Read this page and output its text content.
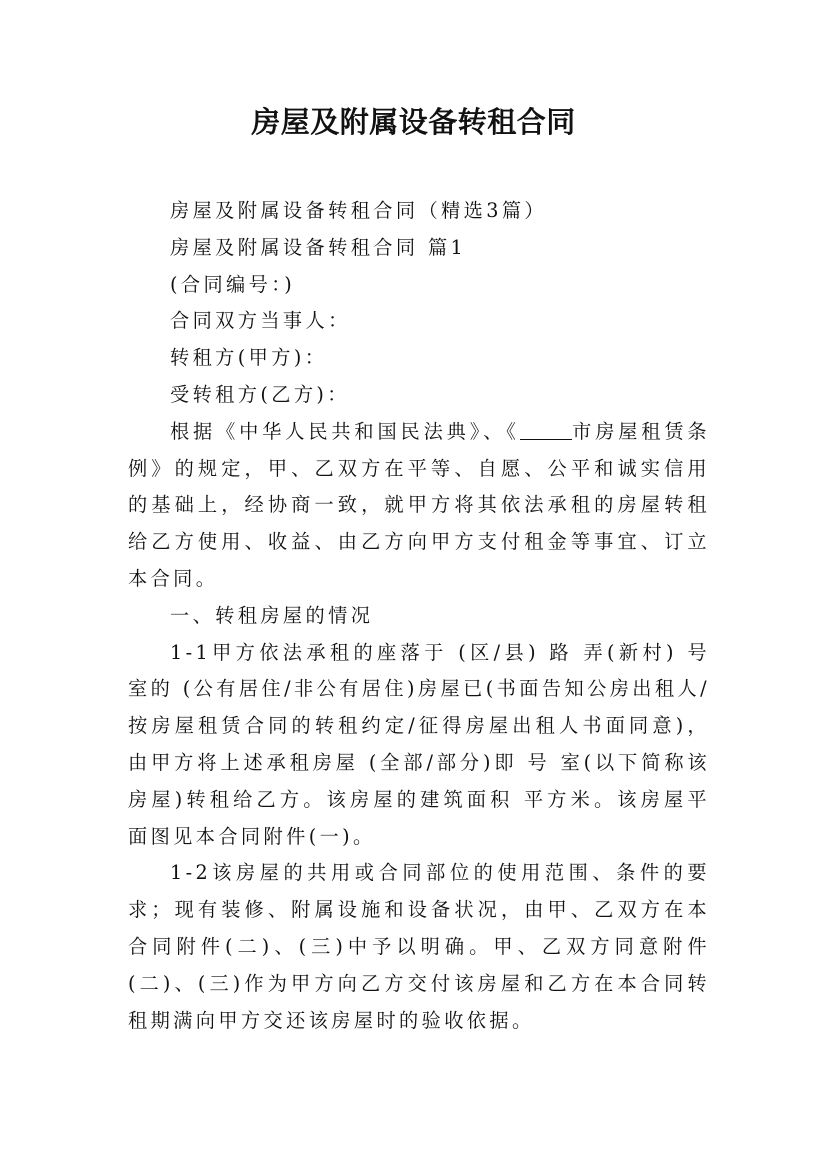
房屋及附属设备转租合同

房屋及附属设备转租合同（精选3篇）

房屋及附属设备转租合同 篇1

(合同编号：)

合同双方当事人：

转租方(甲方)：

受转租方(乙方)：

根据《中华人民共和国民法典》、《	市房屋租赁条例》的规定，甲、乙双方在平等、自愿、公平和诚实信用的基础上，经协商一致，就甲方将其依法承租的房屋转租给乙方使用、收益、由乙方向甲方支付租金等事宜、订立本合同。

一、转租房屋的情况

1-1甲方依法承租的座落于 (区/县) 路 弄(新村) 号 室的 (公有居住/非公有居住)房屋已(书面告知公房出租人/按房屋租赁合同的转租约定/征得房屋出租人书面同意)，由甲方将上述承租房屋 (全部/部分)即 号 室(以下简称该房屋)转租给乙方。该房屋的建筑面积 平方米。该房屋平面图见本合同附件(一)。

1-2该房屋的共用或合同部位的使用范围、条件的要求；现有装修、附属设施和设备状况，由甲、乙双方在本合同附件(二)、(三)中予以明确。甲、乙双方同意附件(二)、(三)作为甲方向乙方交付该房屋和乙方在本合同转租期满向甲方交还该房屋时的验收依据。
